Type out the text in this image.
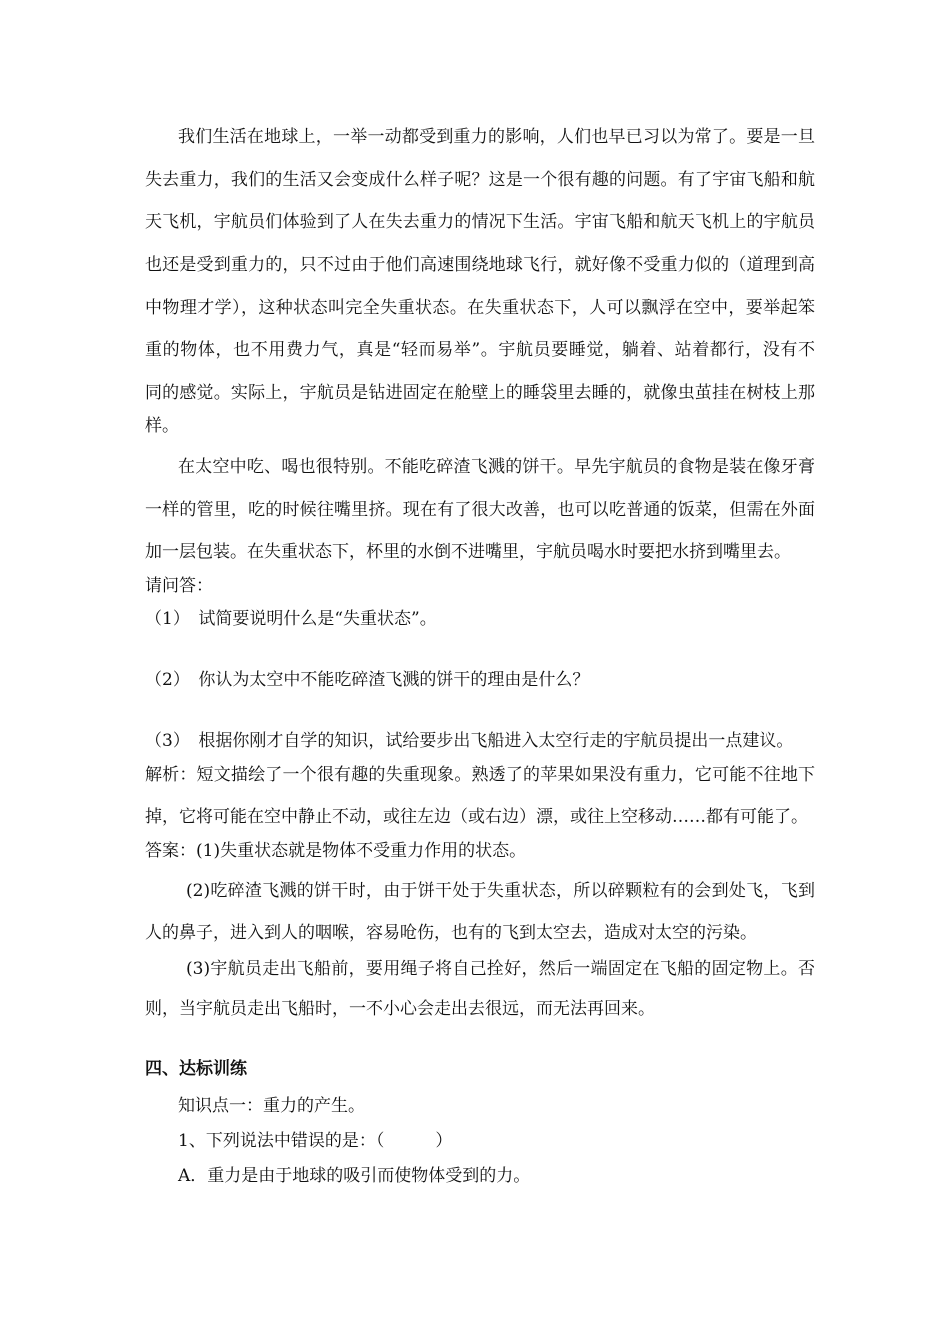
我们生活在地球上，一举一动都受到重力的影响，人们也早已习以为常了。要是一旦
失去重力，我们的生活又会变成什么样子呢？这是一个很有趣的问题。有了宇宙飞船和航
天飞机，宇航员们体验到了人在失去重力的情况下生活。宇宙飞船和航天飞机上的宇航员
也还是受到重力的，只不过由于他们高速围绕地球飞行，就好像不受重力似的（道理到高
中物理才学），这种状态叫完全失重状态。在失重状态下，人可以飘浮在空中，要举起笨
重的物体，也不用费力气，真是“轻而易举”。宇航员要睡觉，躺着、站着都行，没有不
同的感觉。实际上，宇航员是钻进固定在舱壁上的睡袋里去睡的，就像虫茧挂在树枝上那
样。
在太空中吃、喝也很特别。不能吃碎渣飞溅的饼干。早先宇航员的食物是装在像牙膏
一样的管里，吃的时候往嘴里挤。现在有了很大改善，也可以吃普通的饭菜，但需在外面
加一层包装。在失重状态下，杯里的水倒不进嘴里，宇航员喝水时要把水挤到嘴里去。
请问答：
（1）　试简要说明什么是“失重状态”。
（2）　你认为太空中不能吃碎渣飞溅的饼干的理由是什么？
（3）　根据你刚才自学的知识，试给要步出飞船进入太空行走的宇航员提出一点建议。
解析：短文描绘了一个很有趣的失重现象。熟透了的苹果如果没有重力，它可能不往地下
掉，它将可能在空中静止不动，或往左边（或右边）漂，或往上空移动……都有可能了。
答案：(1)失重状态就是物体不受重力作用的状态。
(2)吃碎渣飞溅的饼干时，由于饼干处于失重状态，所以碎颗粒有的会到处飞，飞到
人的鼻子，进入到人的咽喉，容易呛伤，也有的飞到太空去，造成对太空的污染。
(3)宇航员走出飞船前，要用绳子将自己拴好，然后一端固定在飞船的固定物上。否
则，当宇航员走出飞船时，一不小心会走出去很远，而无法再回来。
四、达标训练
知识点一：重力的产生。
1、下列说法中错误的是：（　　　）
A．重力是由于地球的吸引而使物体受到的力。
